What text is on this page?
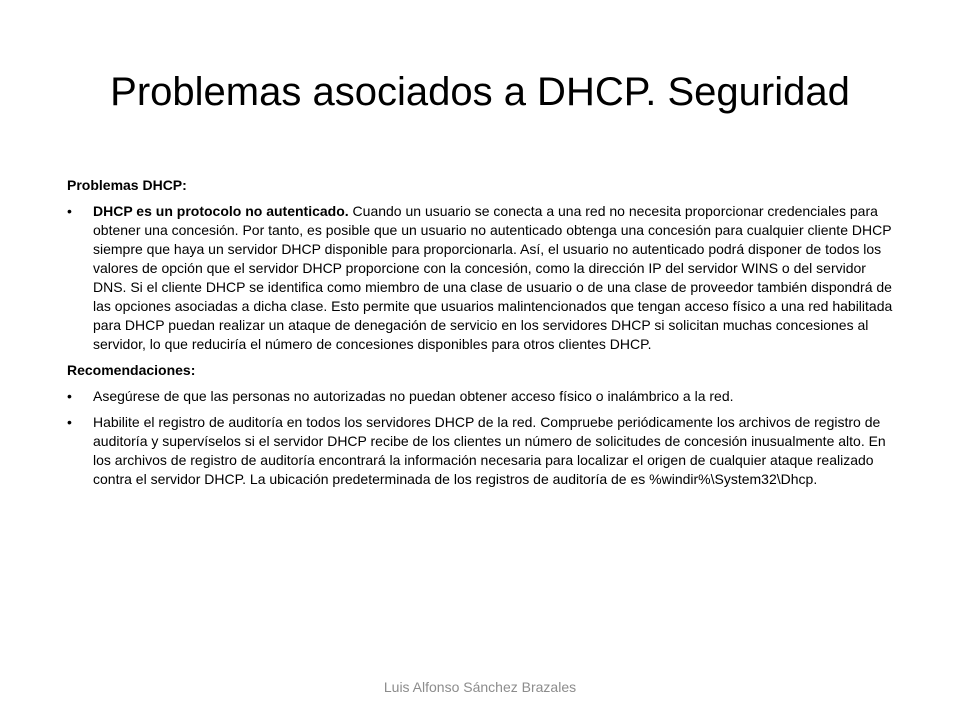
Problemas asociados a DHCP. Seguridad

Problemas DHCP:

•	DHCP es un protocolo no autenticado. Cuando un usuario se conecta a una red no necesita proporcionar credenciales para obtener una concesión. Por tanto, es posible que un usuario no autenticado obtenga una concesión para cualquier cliente DHCP siempre que haya un servidor DHCP disponible para proporcionarla. Así, el usuario no autenticado podrá disponer de todos los valores de opción que el servidor DHCP proporcione con la concesión, como la dirección IP del servidor WINS o del servidor DNS. Si el cliente DHCP se identifica como miembro de una clase de usuario o de una clase de proveedor también dispondrá de las opciones asociadas a dicha clase. Esto permite que usuarios malintencionados que tengan acceso físico a una red habilitada para DHCP puedan realizar un ataque de denegación de servicio en los servidores DHCP si solicitan muchas concesiones al servidor, lo que reduciría el número de concesiones disponibles para otros clientes DHCP.

Recomendaciones:

•	Asegúrese de que las personas no autorizadas no puedan obtener acceso físico o inalámbrico a la red.
•	Habilite el registro de auditoría en todos los servidores DHCP de la red. Compruebe periódicamente los archivos de registro de auditoría y supervíselos si el servidor DHCP recibe de los clientes un número de solicitudes de concesión inusualmente alto. En los archivos de registro de auditoría encontrará la información necesaria para localizar el origen de cualquier ataque realizado contra el servidor DHCP. La ubicación predeterminada de los registros de auditoría de es %windir%\System32\Dhcp.
Luis Alfonso Sánchez Brazales
